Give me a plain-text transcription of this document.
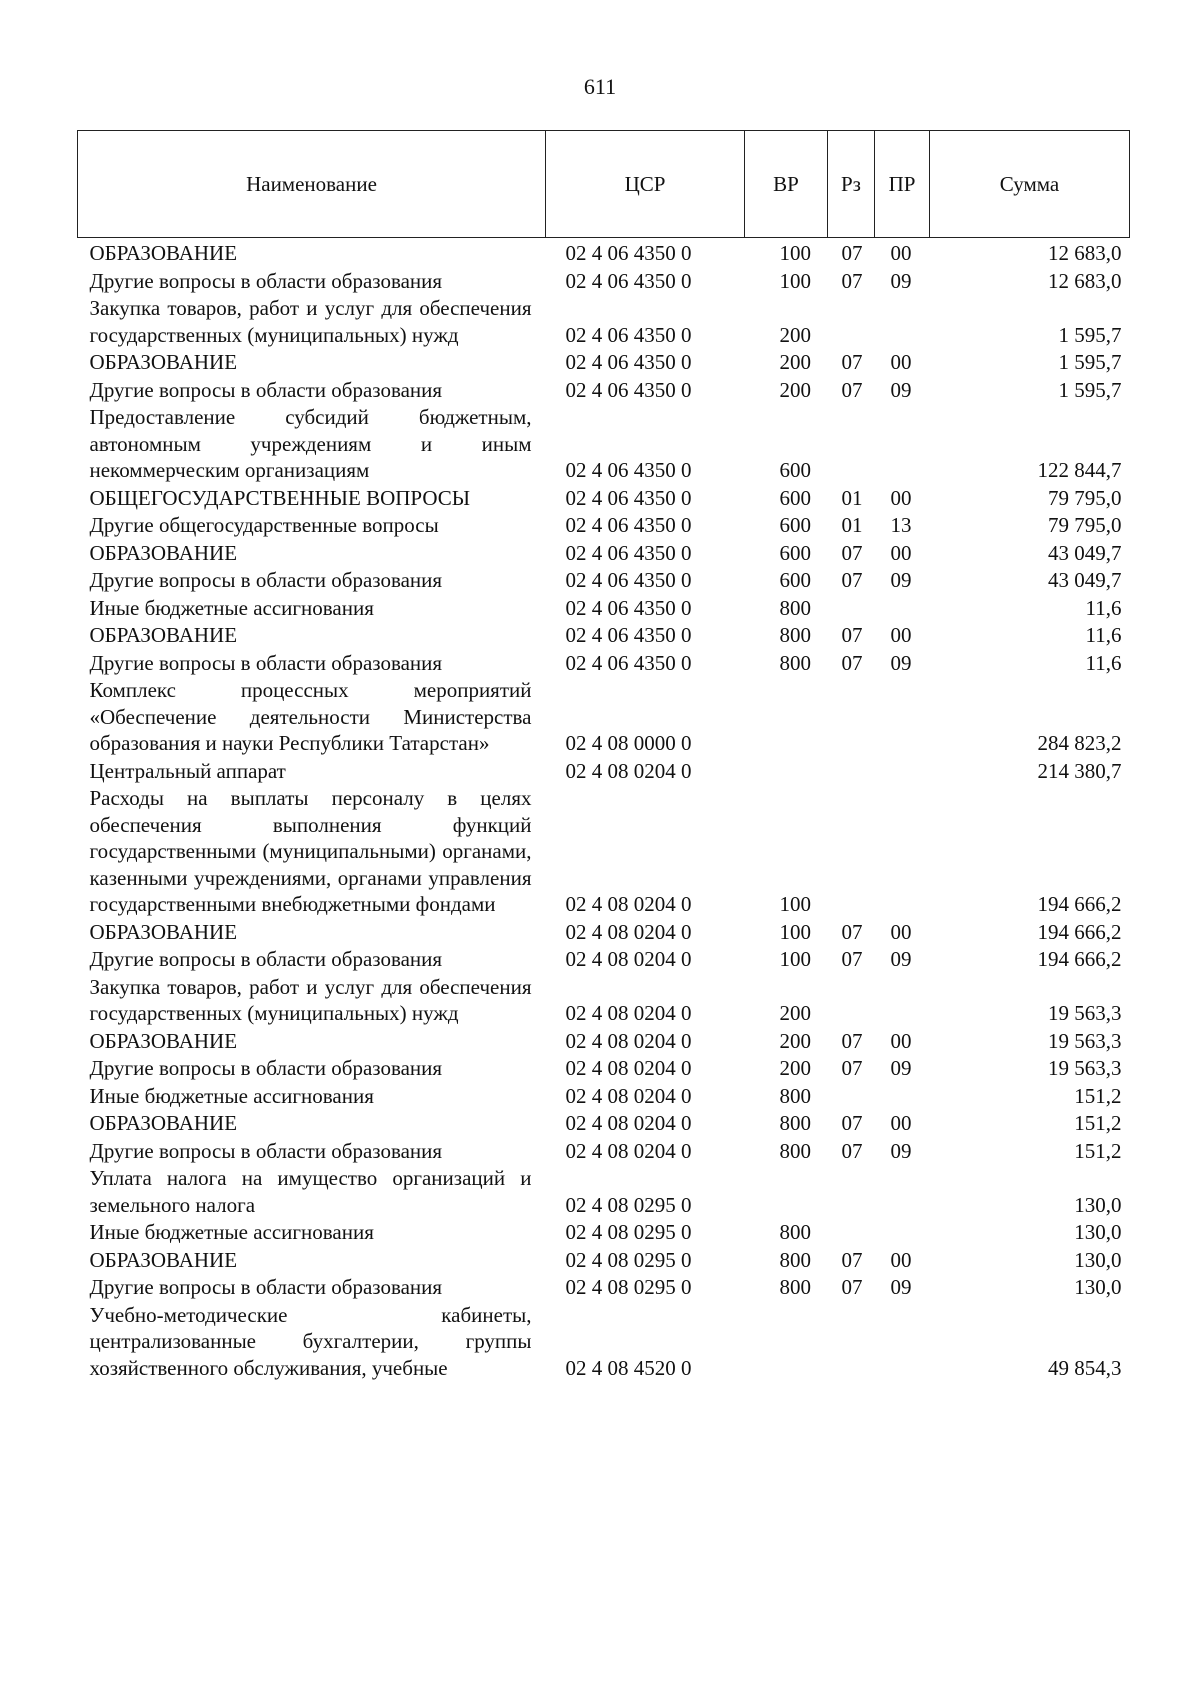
611
Наименование	ЦСР	ВР	Рз	ПР	Сумма
ОБРАЗОВАНИЕ	02 4 06 4350 0	100	07	00	12 683,0
Другие вопросы в области образования	02 4 06 4350 0	100	07	09	12 683,0
Закупка товаров, работ и услуг для обеспечения государственных (муниципальных) нужд	02 4 06 4350 0	200			1 595,7
ОБРАЗОВАНИЕ	02 4 06 4350 0	200	07	00	1 595,7
Другие вопросы в области образования	02 4 06 4350 0	200	07	09	1 595,7
Предоставление субсидий бюджетным, автономным учреждениям и иным некоммерческим организациям	02 4 06 4350 0	600			122 844,7
ОБЩЕГОСУДАРСТВЕННЫЕ ВОПРОСЫ	02 4 06 4350 0	600	01	00	79 795,0
Другие общегосударственные вопросы	02 4 06 4350 0	600	01	13	79 795,0
ОБРАЗОВАНИЕ	02 4 06 4350 0	600	07	00	43 049,7
Другие вопросы в области образования	02 4 06 4350 0	600	07	09	43 049,7
Иные бюджетные ассигнования	02 4 06 4350 0	800			11,6
ОБРАЗОВАНИЕ	02 4 06 4350 0	800	07	00	11,6
Другие вопросы в области образования	02 4 06 4350 0	800	07	09	11,6
Комплекс процессных мероприятий «Обеспечение деятельности Министерства образования и науки Республики Татарстан»	02 4 08 0000 0				284 823,2
Центральный аппарат	02 4 08 0204 0				214 380,7
Расходы на выплаты персоналу в целях обеспечения выполнения функций государственными (муниципальными) органами, казенными учреждениями, органами управления государственными внебюджетными фондами	02 4 08 0204 0	100			194 666,2
ОБРАЗОВАНИЕ	02 4 08 0204 0	100	07	00	194 666,2
Другие вопросы в области образования	02 4 08 0204 0	100	07	09	194 666,2
Закупка товаров, работ и услуг для обеспечения государственных (муниципальных) нужд	02 4 08 0204 0	200			19 563,3
ОБРАЗОВАНИЕ	02 4 08 0204 0	200	07	00	19 563,3
Другие вопросы в области образования	02 4 08 0204 0	200	07	09	19 563,3
Иные бюджетные ассигнования	02 4 08 0204 0	800			151,2
ОБРАЗОВАНИЕ	02 4 08 0204 0	800	07	00	151,2
Другие вопросы в области образования	02 4 08 0204 0	800	07	09	151,2
Уплата налога на имущество организаций и земельного налога	02 4 08 0295 0				130,0
Иные бюджетные ассигнования	02 4 08 0295 0	800			130,0
ОБРАЗОВАНИЕ	02 4 08 0295 0	800	07	00	130,0
Другие вопросы в области образования	02 4 08 0295 0	800	07	09	130,0
Учебно-методические кабинеты, централизованные бухгалтерии, группы хозяйственного обслуживания, учебные	02 4 08 4520 0				49 854,3
